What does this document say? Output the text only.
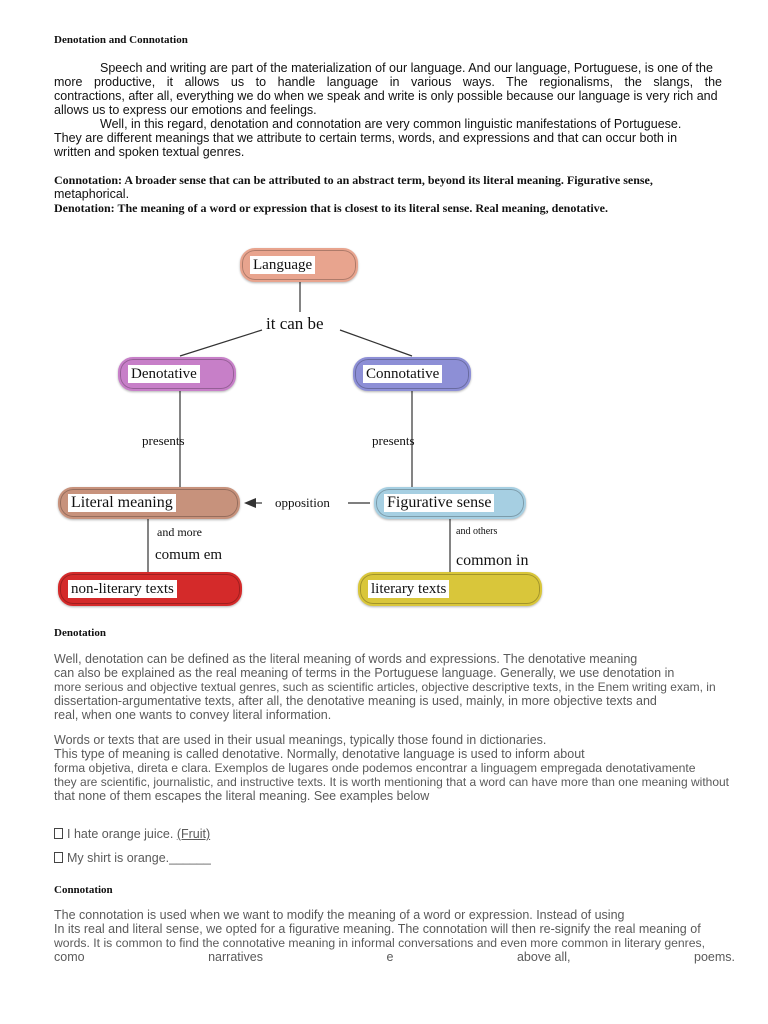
Denotation and Connotation
Speech and writing are part of the materialization of our language. And our language, Portuguese, is one of the
more productive, it allows us to handle language in various ways. The regionalisms, the slangs, the
contractions, after all, everything we do when we speak and write is only possible because our language is very rich and
allows us to express our emotions and feelings.
Well, in this regard, denotation and connotation are very common linguistic manifestations of Portuguese.
They are different meanings that we attribute to certain terms, words, and expressions and that can occur both in
written and spoken textual genres.
Connotation: A broader sense that can be attributed to an abstract term, beyond its literal meaning. Figurative sense,
metaphorical.
Denotation: The meaning of a word or expression that is closest to its literal sense. Real meaning, denotative.
Language
it can be
Denotative	Connotative
presents	presents
Literal meaning	opposition	Figurative sense
and more
comum em
and others
common in
non-literary texts	literary texts
Denotation
Well, denotation can be defined as the literal meaning of words and expressions. The denotative meaning
can also be explained as the real meaning of terms in the Portuguese language. Generally, we use denotation in
more serious and objective textual genres, such as scientific articles, objective descriptive texts, in the Enem writing exam, in
dissertation-argumentative texts, after all, the denotative meaning is used, mainly, in more objective texts and
real, when one wants to convey literal information.
Words or texts that are used in their usual meanings, typically those found in dictionaries.
This type of meaning is called denotative. Normally, denotative language is used to inform about
forma objetiva, direta e clara. Exemplos de lugares onde podemos encontrar a linguagem empregada denotativamente
they are scientific, journalistic, and instructive texts. It is worth mentioning that a word can have more than one meaning without
that none of them escapes the literal meaning. See examples below
I hate orange juice. (Fruit)
My shirt is orange.______
Connotation
The connotation is used when we want to modify the meaning of a word or expression. Instead of using
In its real and literal sense, we opted for a figurative meaning. The connotation will then re-signify the real meaning of
words. It is common to find the connotative meaning in informal conversations and even more common in literary genres,
como	narratives	e	above all,	poems.
